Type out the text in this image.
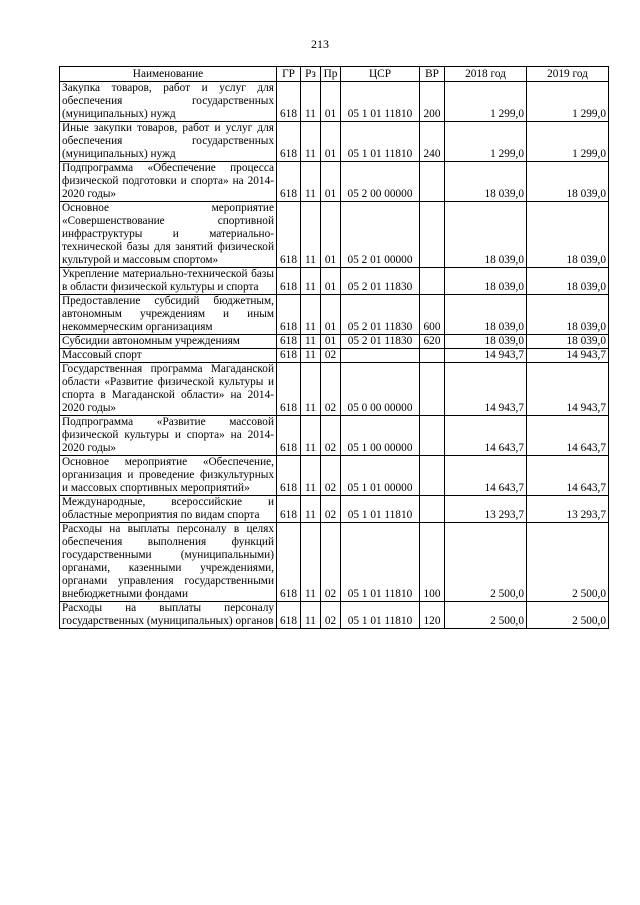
213
Наименование	ГР	Рз	Пр	ЦСР	ВР	2018 год	2019 год
Закупка товаров, работ и услуг для обеспечения государственных (муниципальных) нужд	618	11	01	05 1 01 11810	200	1 299,0	1 299,0
Иные закупки товаров, работ и услуг для обеспечения государственных (муниципальных) нужд	618	11	01	05 1 01 11810	240	1 299,0	1 299,0
Подпрограмма «Обеспечение процесса физической подготовки и спорта» на 2014-2020 годы»	618	11	01	05 2 00 00000		18 039,0	18 039,0
Основное мероприятие «Совершенствование спортивной инфраструктуры и материально-технической базы для занятий физической культурой и массовым спортом»	618	11	01	05 2 01 00000		18 039,0	18 039,0
Укрепление материально-технической базы в области физической культуры и спорта	618	11	01	05 2 01 11830		18 039,0	18 039,0
Предоставление субсидий бюджетным, автономным учреждениям и иным некоммерческим организациям	618	11	01	05 2 01 11830	600	18 039,0	18 039,0
Субсидии автономным учреждениям	618	11	01	05 2 01 11830	620	18 039,0	18 039,0
Массовый спорт	618	11	02			14 943,7	14 943,7
Государственная программа Магаданской области «Развитие физической культуры и спорта в Магаданской области» на 2014-2020 годы»	618	11	02	05 0 00 00000		14 943,7	14 943,7
Подпрограмма «Развитие массовой физической культуры и спорта» на 2014-2020 годы»	618	11	02	05 1 00 00000		14 643,7	14 643,7
Основное мероприятие «Обеспечение, организация и проведение физкультурных и массовых спортивных мероприятий»	618	11	02	05 1 01 00000		14 643,7	14 643,7
Международные, всероссийские и областные мероприятия по видам спорта	618	11	02	05 1 01 11810		13 293,7	13 293,7
Расходы на выплаты персоналу в целях обеспечения выполнения функций государственными (муниципальными) органами, казенными учреждениями, органами управления государственными внебюджетными фондами	618	11	02	05 1 01 11810	100	2 500,0	2 500,0
Расходы на выплаты персоналу государственных (муниципальных) органов	618	11	02	05 1 01 11810	120	2 500,0	2 500,0
